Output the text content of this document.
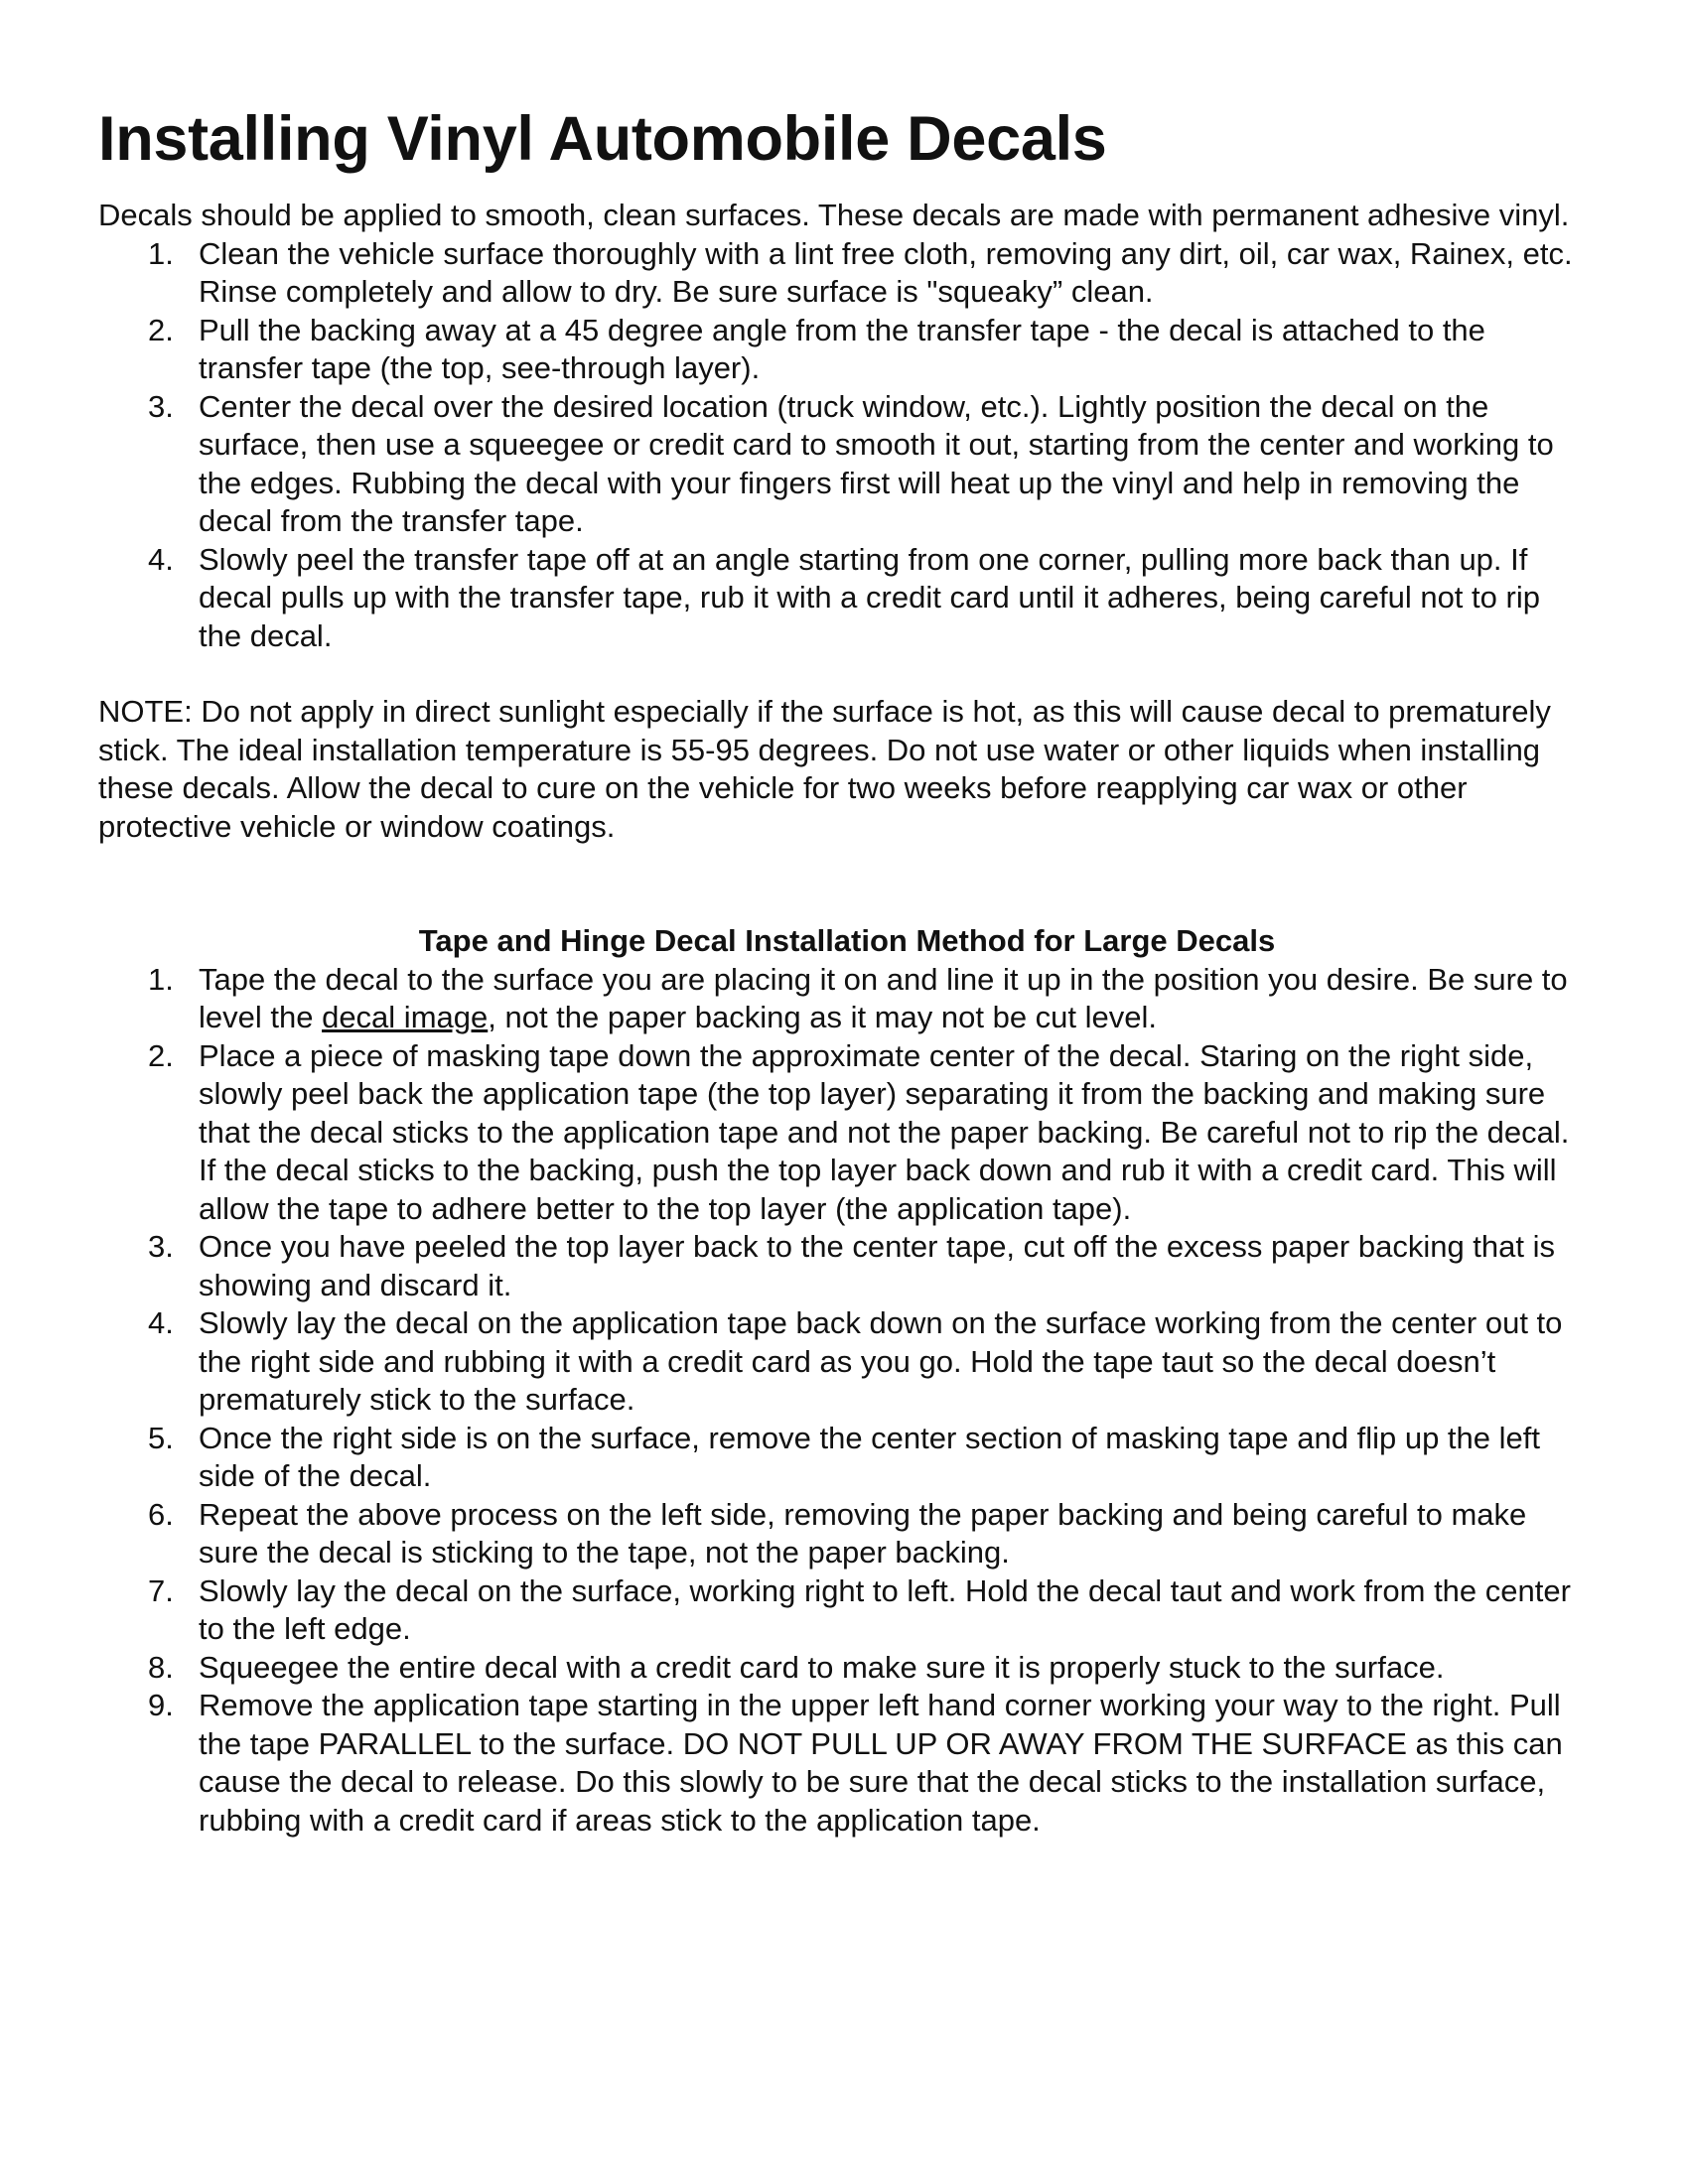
Installing Vinyl Automobile Decals

Decals should be applied to smooth, clean surfaces. These decals are made with permanent adhesive vinyl.

1. Clean the vehicle surface thoroughly with a lint free cloth, removing any dirt, oil, car wax, Rainex, etc. Rinse completely and allow to dry. Be sure surface is "squeaky” clean.
2. Pull the backing away at a 45 degree angle from the transfer tape - the decal is attached to the transfer tape (the top, see-through layer).
3. Center the decal over the desired location (truck window, etc.). Lightly position the decal on the surface, then use a squeegee or credit card to smooth it out, starting from the center and working to the edges. Rubbing the decal with your fingers first will heat up the vinyl and help in removing the decal from the transfer tape.
4. Slowly peel the transfer tape off at an angle starting from one corner, pulling more back than up. If decal pulls up with the transfer tape, rub it with a credit card until it adheres, being careful not to rip the decal.

NOTE: Do not apply in direct sunlight especially if the surface is hot, as this will cause decal to prematurely stick. The ideal installation temperature is 55-95 degrees. Do not use water or other liquids when installing these decals. Allow the decal to cure on the vehicle for two weeks before reapplying car wax or other protective vehicle or window coatings.

Tape and Hinge Decal Installation Method for Large Decals
1. Tape the decal to the surface you are placing it on and line it up in the position you desire. Be sure to level the decal image, not the paper backing as it may not be cut level.
2. Place a piece of masking tape down the approximate center of the decal. Staring on the right side, slowly peel back the application tape (the top layer) separating it from the backing and making sure that the decal sticks to the application tape and not the paper backing. Be careful not to rip the decal. If the decal sticks to the backing, push the top layer back down and rub it with a credit card. This will allow the tape to adhere better to the top layer (the application tape).
3. Once you have peeled the top layer back to the center tape, cut off the excess paper backing that is showing and discard it.
4. Slowly lay the decal on the application tape back down on the surface working from the center out to the right side and rubbing it with a credit card as you go. Hold the tape taut so the decal doesn’t prematurely stick to the surface.
5. Once the right side is on the surface, remove the center section of masking tape and flip up the left side of the decal.
6. Repeat the above process on the left side, removing the paper backing and being careful to make sure the decal is sticking to the tape, not the paper backing.
7. Slowly lay the decal on the surface, working right to left. Hold the decal taut and work from the center to the left edge.
8. Squeegee the entire decal with a credit card to make sure it is properly stuck to the surface.
9. Remove the application tape starting in the upper left hand corner working your way to the right. Pull the tape PARALLEL to the surface. DO NOT PULL UP OR AWAY FROM THE SURFACE as this can cause the decal to release. Do this slowly to be sure that the decal sticks to the installation surface, rubbing with a credit card if areas stick to the application tape.
